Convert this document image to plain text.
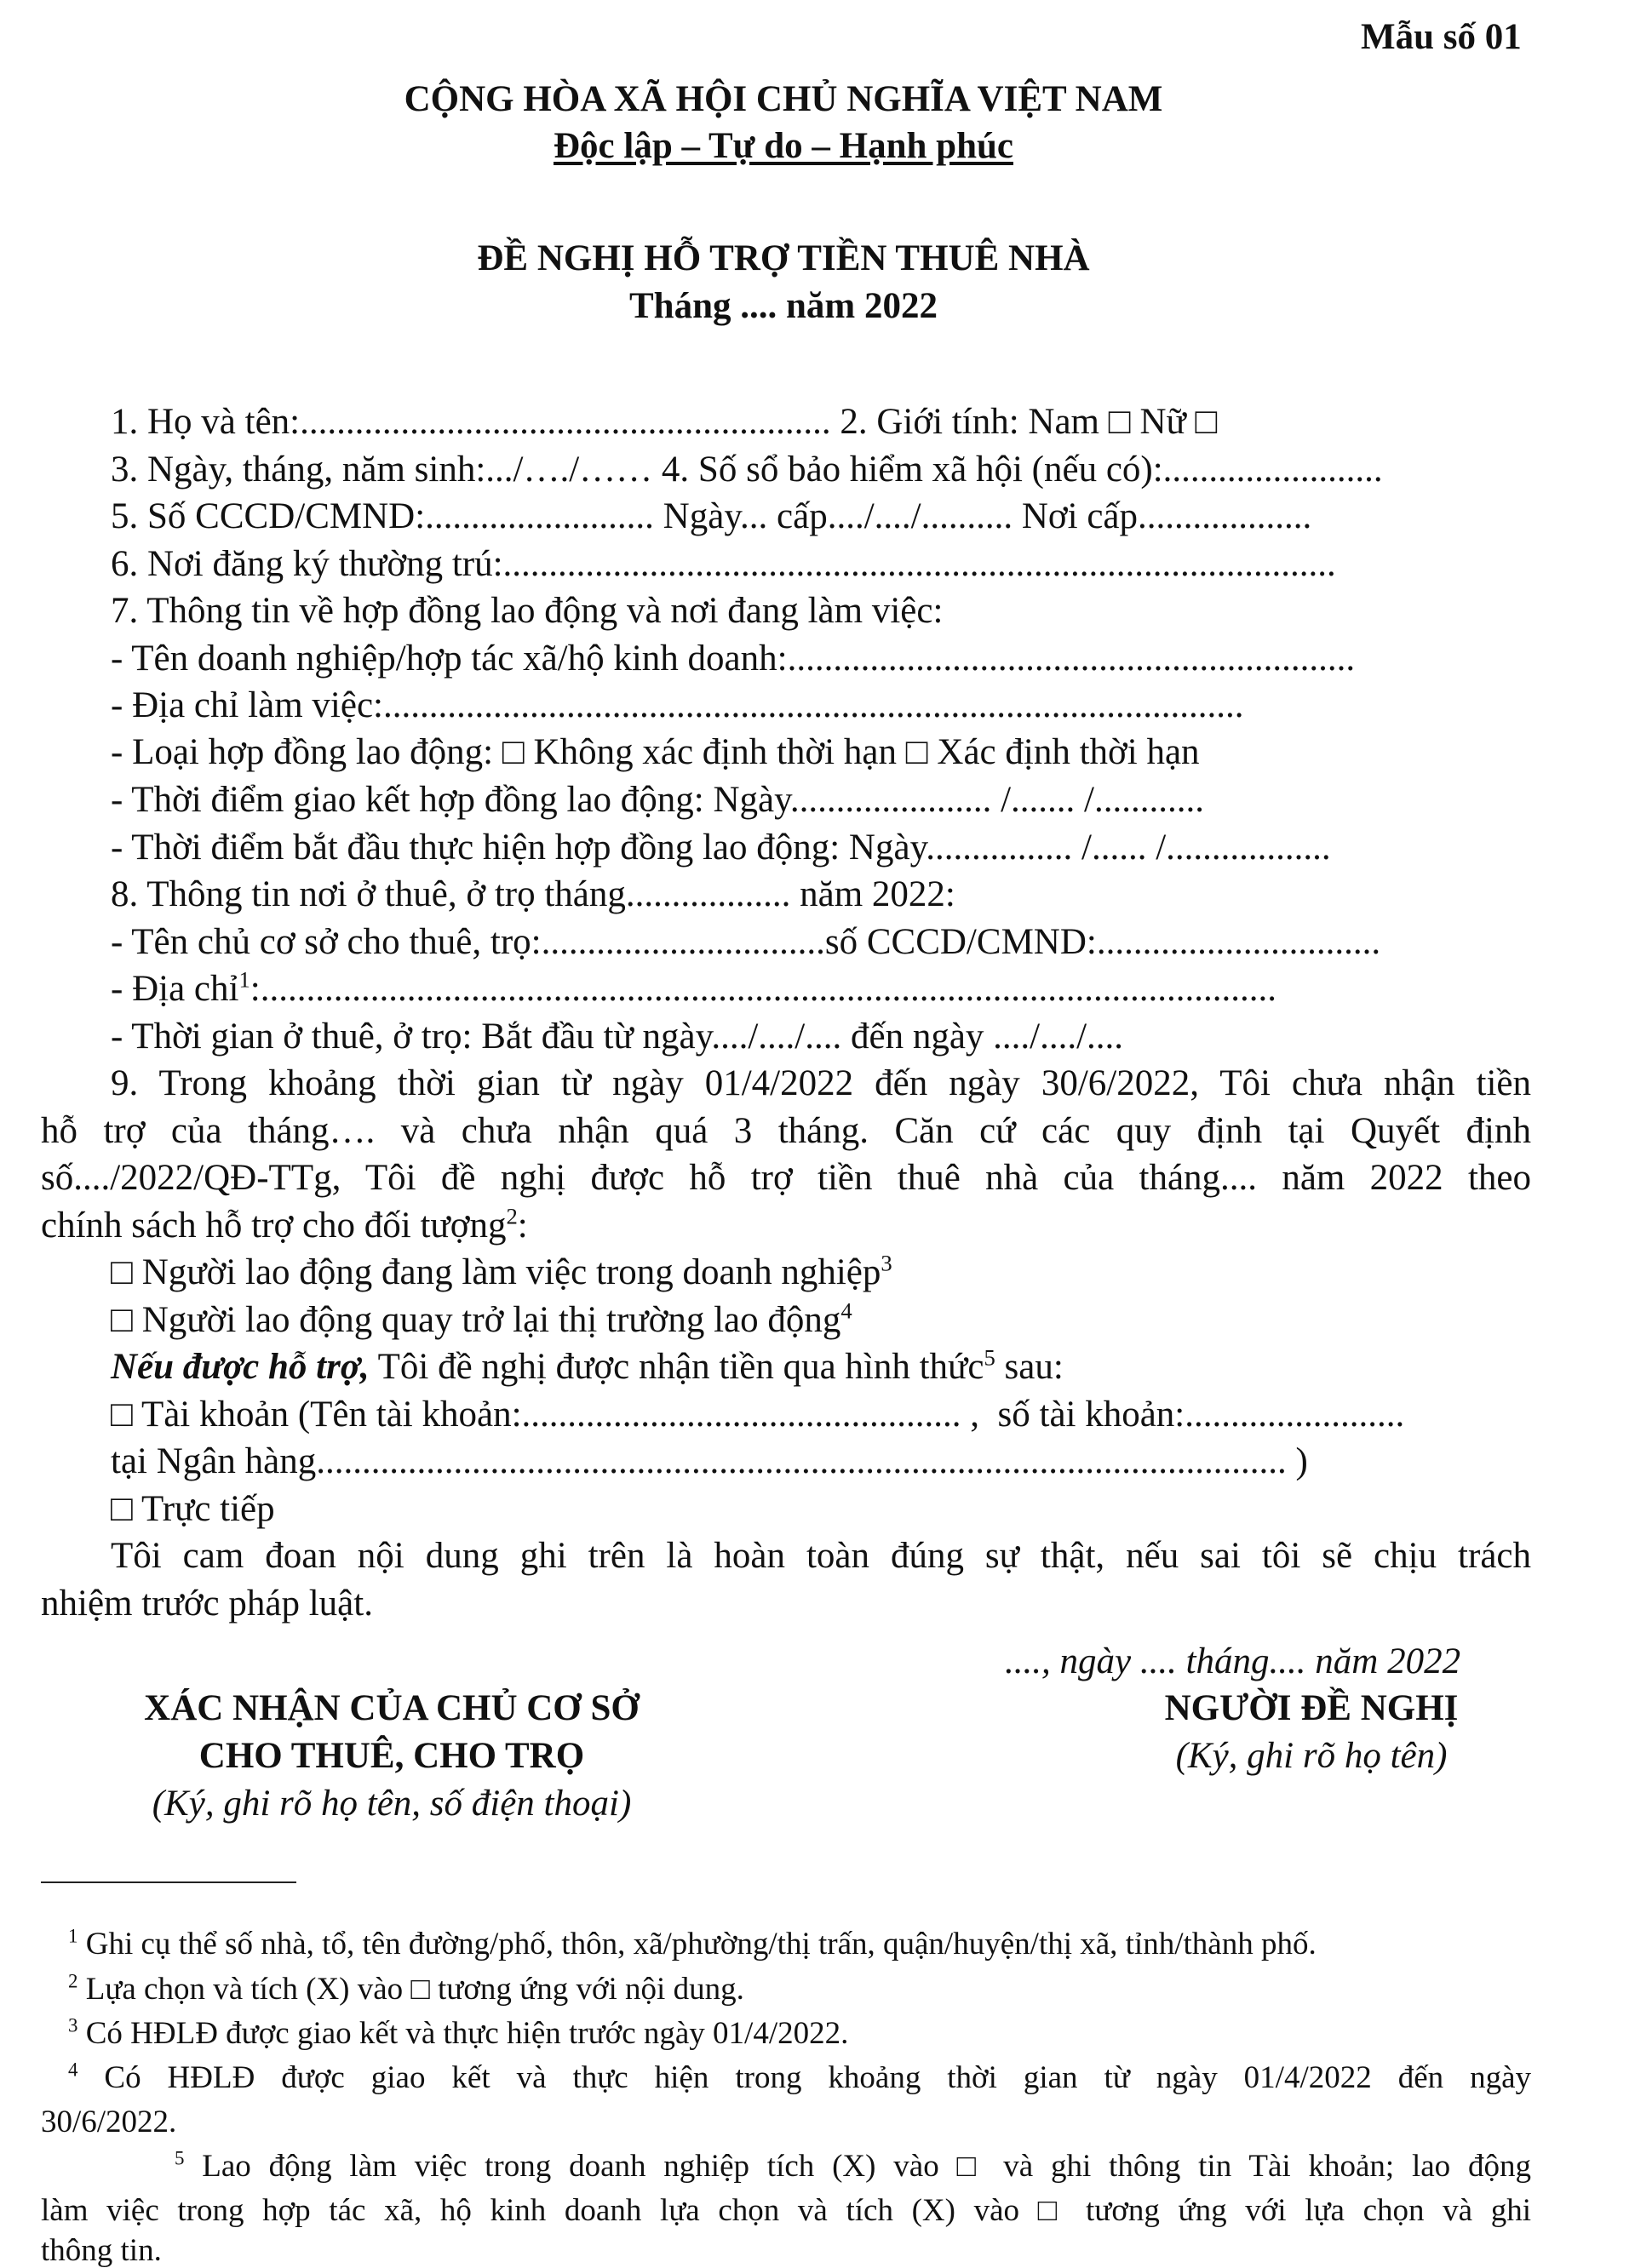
Mẫu số 01
CỘNG HÒA XÃ HỘI CHỦ NGHĨA VIỆT NAM
Độc lập – Tự do – Hạnh phúc
ĐỀ NGHỊ HỖ TRỢ TIỀN THUÊ NHÀ
Tháng .... năm 2022
1. Họ và tên:.......................................................... 2. Giới tính: Nam □ Nữ □
3. Ngày, tháng, năm sinh:.../…./…… 4. Số sổ bảo hiểm xã hội (nếu có):........................
5. Số CCCD/CMND:......................... Ngày... cấp..../..../.......... Nơi cấp...................
6. Nơi đăng ký thường trú:...........................................................................................
7. Thông tin về hợp đồng lao động và nơi đang làm việc:
- Tên doanh nghiệp/hợp tác xã/hộ kinh doanh:..............................................................
- Địa chỉ làm việc:..............................................................................................
- Loại hợp đồng lao động: □ Không xác định thời hạn □ Xác định thời hạn
- Thời điểm giao kết hợp đồng lao động: Ngày...................... /....... /............
- Thời điểm bắt đầu thực hiện hợp đồng lao động: Ngày................ /...... /..................
8. Thông tin nơi ở thuê, ở trọ tháng.................. năm 2022:
- Tên chủ cơ sở cho thuê, trọ:...............................số CCCD/CMND:...............................
- Địa chỉ$^1$:...............................................................................................................
- Thời gian ở thuê, ở trọ: Bắt đầu từ ngày..../..../.... đến ngày ..../..../....
9. Trong khoảng thời gian từ ngày 01/4/2022 đến ngày 30/6/2022, Tôi chưa nhận tiền
hỗ trợ của tháng…. và chưa nhận quá 3 tháng. Căn cứ các quy định tại Quyết định
số..../2022/QĐ-TTg, Tôi đề nghị được hỗ trợ tiền thuê nhà của tháng.... năm 2022 theo
chính sách hỗ trợ cho đối tượng$^2$:
□ Người lao động đang làm việc trong doanh nghiệp$^3$
□ Người lao động quay trở lại thị trường lao động$^4$
Nếu được hỗ trợ, Tôi đề nghị được nhận tiền qua hình thức$^5$ sau:
□ Tài khoản (Tên tài khoản:................................................ ,  số tài khoản:........................
tại Ngân hàng.......................................................................................................... )
□ Trực tiếp
Tôi cam đoan nội dung ghi trên là hoàn toàn đúng sự thật, nếu sai tôi sẽ chịu trách
nhiệm trước pháp luật.
...., ngày .... tháng.... năm 2022
XÁC NHẬN CỦA CHỦ CƠ SỞ
CHO THUÊ, CHO TRỌ
(Ký, ghi rõ họ tên, số điện thoại)
NGƯỜI ĐỀ NGHỊ
(Ký, ghi rõ họ tên)
$^1$ Ghi cụ thể số nhà, tổ, tên đường/phố, thôn, xã/phường/thị trấn, quận/huyện/thị xã, tỉnh/thành phố.
$^2$ Lựa chọn và tích (X) vào □ tương ứng với nội dung.
$^3$ Có HĐLĐ được giao kết và thực hiện trước ngày 01/4/2022.
$^4$ Có HĐLĐ được giao kết và thực hiện trong khoảng thời gian từ ngày 01/4/2022 đến ngày
30/6/2022.
$^5$ Lao động làm việc trong doanh nghiệp tích (X) vào □ và ghi thông tin Tài khoản; lao động
làm việc trong hợp tác xã, hộ kinh doanh lựa chọn và tích (X) vào □ tương ứng với lựa chọn và ghi
thông tin.
